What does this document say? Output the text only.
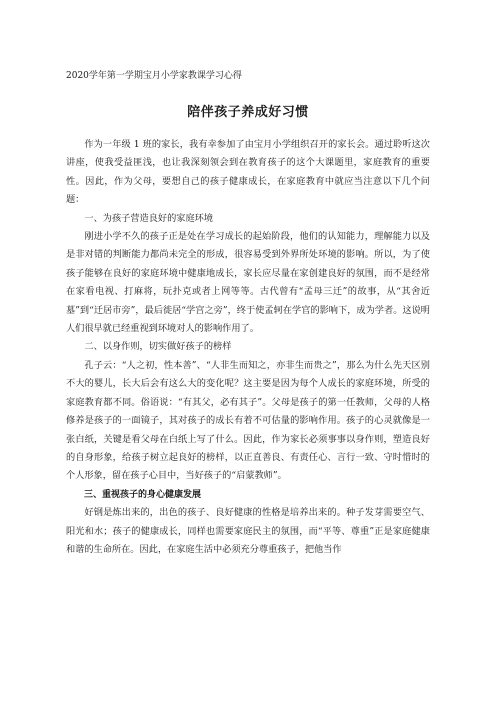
2020学年第一学期宝月小学家教课学习心得

陪伴孩子养成好习惯

作为一年级 1 班的家长，我有幸参加了由宝月小学组织召开的家长会。通过聆听这次讲座，使我受益匪浅，也让我深刻领会到在教育孩子的这个大课题里，家庭教育的重要性。因此，作为父母，要想自己的孩子健康成长，在家庭教育中就应当注意以下几个问题：

一、为孩子营造良好的家庭环境

刚进小学不久的孩子正是处在学习成长的起始阶段，他们的认知能力，理解能力以及是非对错的判断能力都尚未完全的形成，很容易受到外界所处环境的影响。所以，为了使孩子能够在良好的家庭环境中健康地成长，家长应尽量在家创建良好的氛围，而不是经常在家看电视、打麻将，玩扑克或者上网等等。古代曾有“孟母三迁”的故事，从“其舍近墓”到“迁居市旁”，最后徙居“学宫之旁”，终于使孟轲在学官的影响下，成为学者。这说明人们很早就已经重视到环境对人的影响作用了。

二、以身作则，切实做好孩子的榜样

孔子云：“人之初，性本善”、“人非生而知之，亦非生而贵之”，那么为什么先天区别不大的婴儿，长大后会有这么大的变化呢？这主要是因为每个人成长的家庭环境，所受的家庭教育都不同。俗语说：“有其父，必有其子”。父母是孩子的第一任教师，父母的人格修养是孩子的一面镜子，其对孩子的成长有着不可估量的影响作用。孩子的心灵就像是一张白纸，关键是看父母在白纸上写了什么。因此，作为家长必须事事以身作则，塑造良好的自身形象，给孩子树立起良好的榜样，以正直善良、有责任心、言行一致、守时惜时的个人形象，留在孩子心目中，当好孩子的“启蒙教师”。

三、重视孩子的身心健康发展

好钢是炼出来的，出色的孩子、良好健康的性格是培养出来的。种子发芽需要空气、阳光和水；孩子的健康成长，同样也需要家庭民主的氛围，而“平等、尊重”正是家庭健康和谐的生命所在。因此，在家庭生活中必须充分尊重孩子，把他当作
